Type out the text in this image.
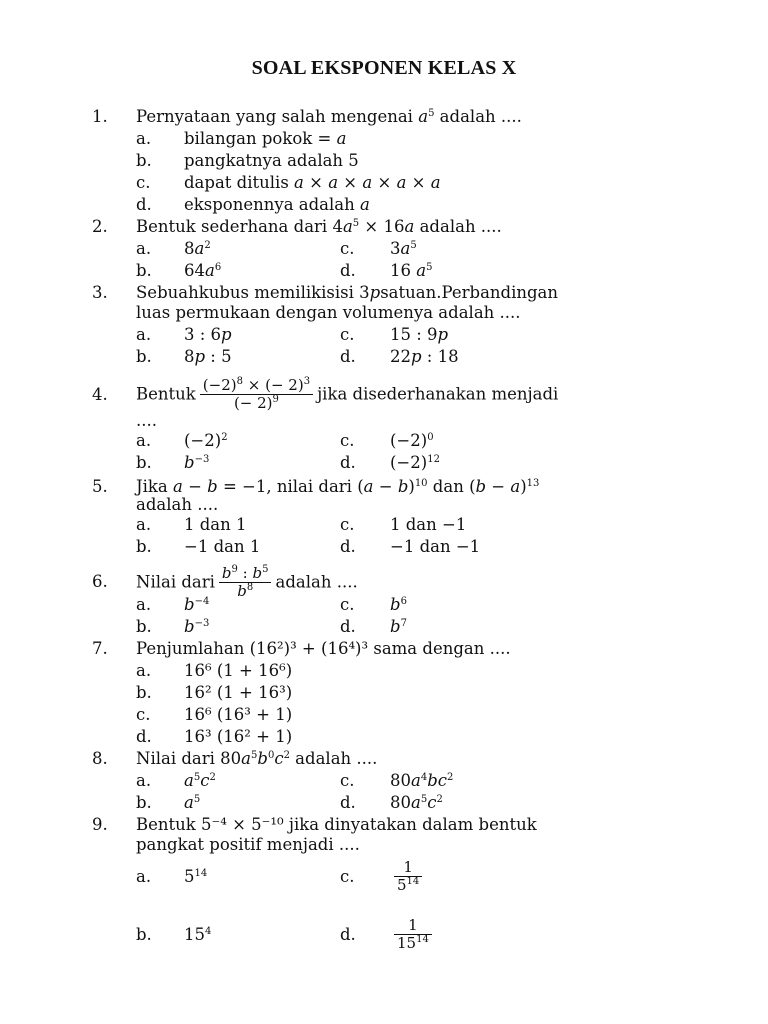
SOAL EKSPONEN KELAS X
1. Pernyataan yang salah mengenai $a^5$ adalah ....
a. bilangan pokok = a
b. pangkatnya adalah 5
c. dapat ditulis a × a × a × a × a
d. eksponennya adalah a
2. Bentuk sederhana dari $4a^5 \times 16a$ adalah ....
a. $8a^2$	c. $3a^5$
b. $64a^6$	d. 16 $a^5$
3. Sebuahkubus memilikisisi 3psatuan.Perbandingan
luas permukaan dengan volumenya adalah ....
a. 3 : 6p	c. 15 : 9p
b. 8p : 5	d. 22p : 18
4. Bentuk $\frac{(-2)^8 \times (- 2)^3}{(- 2)^9}$ jika disederhanakan menjadi
....
a. $(-2)^2$	c. $(-2)^0$
b. $b^{-3}$	d. $(-2)^{12}$
5. Jika a − b = −1, nilai dari $(a - b)^{10}$ dan $(b - a)^{13}$
adalah ....
a. 1 dan 1	c. 1 dan −1
b. −1 dan 1	d. −1 dan −1
6. Nilai dari $\frac{b^9 : b^5}{b^8}$ adalah ....
a. $b^{-4}$	c. $b^6$
b. $b^{-3}$	d. $b^7$
7. Penjumlahan (16²)³ + (16⁴)³ sama dengan ....
a. 16⁶ (1 + 16⁶)
b. 16² (1 + 16³)
c. 16⁶ (16³ + 1)
d. 16³ (16² + 1)
8. Nilai dari $80a^5b^0c^2$ adalah ....
a. $a^5c^2$	c. $80a^4bc^2$
b. $a^5$	d. $80a^5c^2$
9. Bentuk 5⁻⁴ × 5⁻¹⁰ jika dinyatakan dalam bentuk
pangkat positif menjadi ....
a. $5^{14}$	c.	$\frac{1}{5^{14}}$
b. $15^4$	d.	$\frac{1}{15^{14}}$
